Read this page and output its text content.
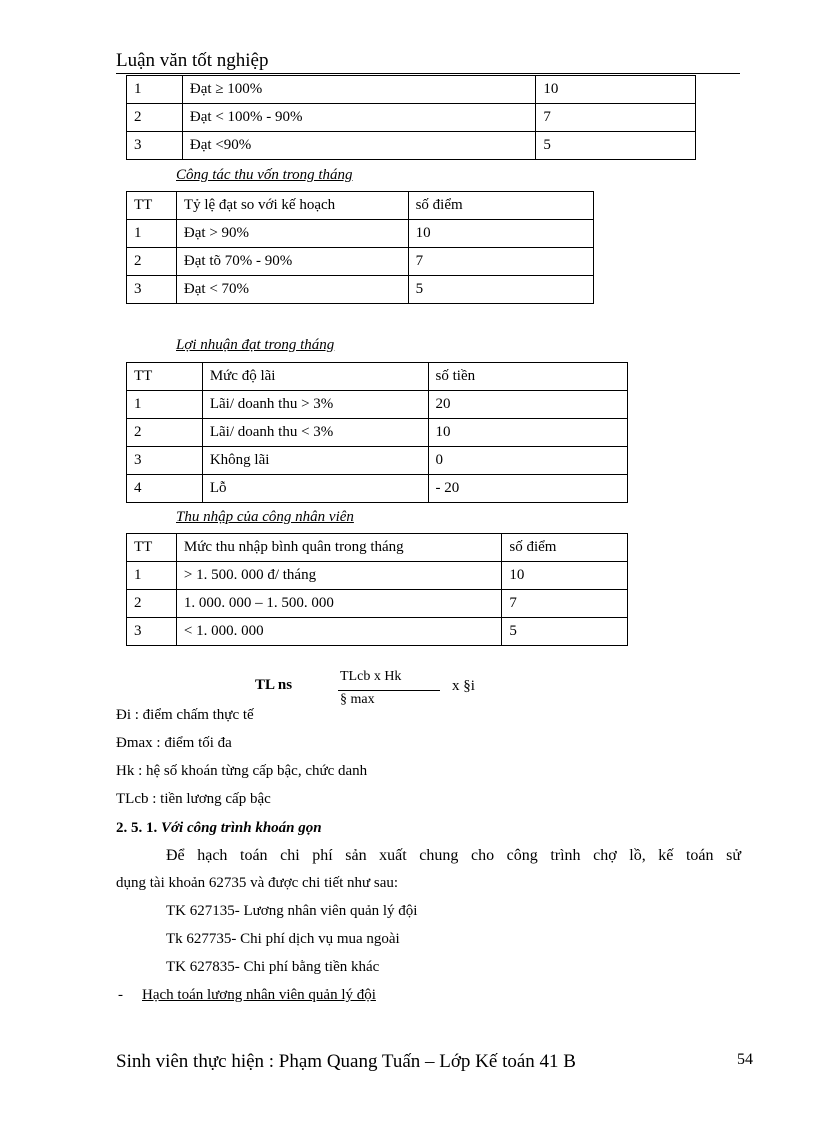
Luận văn tốt nghiệp
1	Đạt ≥ 100%	10
2	Đạt < 100% - 90%	7
3	Đạt <90%	5
Công tác thu vốn trong tháng
TT	Tỷ lệ đạt so với kế hoạch	số điểm
1	Đạt > 90%	10
2	Đạt tõ 70% - 90%	7
3	Đạt < 70%	5
Lợi nhuận đạt trong tháng
TT	Mức độ lãi	số tiền
1	Lãi/ doanh thu > 3%	20
2	Lãi/ doanh thu < 3%	10
3	Không lãi	0
4	Lỗ	- 20
Thu nhập của công nhân viên
TT	Mức thu nhập bình quân trong tháng	số điểm
1	> 1. 500. 000 đ/ tháng	10
2	1. 000. 000 – 1. 500. 000	7
3	< 1. 000. 000	5
TL ns
TLcb x Hk
§ max
x §i
Đi : điểm chấm thực tế
Đmax : điểm tối đa
Hk : hệ số khoán từng cấp bậc, chức danh
TLcb : tiền lương cấp bậc
2. 5. 1. Với công trình khoán gọn
Để hạch toán chi phí sản xuất chung cho công trình chợ lồ, kế toán sử
dụng tài khoản 62735 và được chi tiết như sau:
TK 627135- Lương nhân viên quản lý đội
Tk 627735- Chi phí dịch vụ mua ngoài
TK 627835- Chi phí bằng tiền khác
- Hạch toán lương nhân viên quản lý đội
Sinh viên thực hiện : Phạm Quang Tuấn – Lớp Kế toán 41 B	54
